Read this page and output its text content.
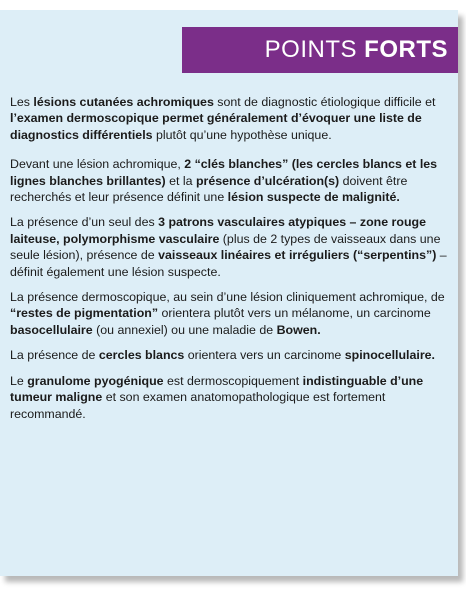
POINTS FORTS

Les lésions cutanées achromiques sont de diagnostic étiologique difficile et l’examen dermoscopique permet généralement d’évoquer une liste de diagnostics différentiels plutôt qu’une hypothèse unique.

Devant une lésion achromique, 2 “clés blanches” (les cercles blancs et les lignes blanches brillantes) et la présence d’ulcération(s) doivent être recherchés et leur présence définit une lésion suspecte de malignité.

La présence d’un seul des 3 patrons vasculaires atypiques – zone rouge laiteuse, polymorphisme vasculaire (plus de 2 types de vaisseaux dans une seule lésion), présence de vaisseaux linéaires et irréguliers (“serpentins”) – définit également une lésion suspecte.

La présence dermoscopique, au sein d’une lésion cliniquement achromique, de “restes de pigmentation” orientera plutôt vers un mélanome, un carcinome basocellulaire (ou annexiel) ou une maladie de Bowen.

La présence de cercles blancs orientera vers un carcinome spinocellulaire.

Le granulome pyogénique est dermoscopiquement indistinguable d’une tumeur maligne et son examen anatomopathologique est fortement recommandé.
